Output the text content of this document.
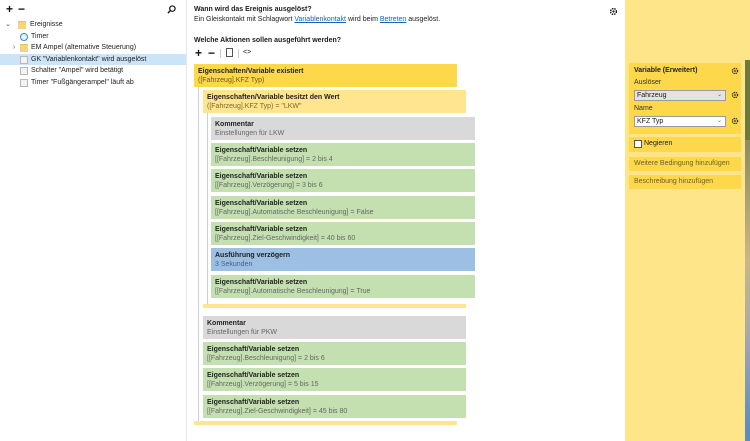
+ −
⌄	Ereignisse
Timer
›	EM Ampel (alternative Steuerung)
GK "Variablenkontakt" wird ausgelöst
Schalter "Ampel" wird betätigt
Timer "Fußgängerampel" läuft ab
Wann wird das Ereignis ausgelöst?
Ein Gleiskontakt mit Schlagwort Variablenkontakt wird beim Betreten ausgelöst.
Welche Aktionen sollen ausgeführt werden?
+ −	<>
Eigenschaften/Variable existiert
([Fahrzeug].KFZ Typ)
Eigenschaften/Variable besitzt den Wert
([Fahrzeug].KFZ Typ) = "LKW"
Kommentar
Einstellungen für LKW
Eigenschaft/Variable setzen
[[Fahrzeug].Beschleunigung] = 2 bis 4
Eigenschaft/Variable setzen
[[Fahrzeug].Verzögerung] = 3 bis 6
Eigenschaft/Variable setzen
[[Fahrzeug].Automatische Beschleunigung] = False
Eigenschaft/Variable setzen
[[Fahrzeug].Ziel-Geschwindigkeit] = 40 bis 60
Ausführung verzögern
3 Sekunden
Eigenschaft/Variable setzen
[[Fahrzeug].Automatische Beschleunigung] = True
Kommentar
Einstellungen für PKW
Eigenschaft/Variable setzen
[[Fahrzeug].Beschleunigung] = 2 bis 6
Eigenschaft/Variable setzen
[[Fahrzeug].Verzögerung] = 5 bis 15
Eigenschaft/Variable setzen
[[Fahrzeug].Ziel-Geschwindigkeit] = 45 bis 80
Variable (Erweitert)
Auslöser
Fahrzeug	⌄
Name
KFZ Typ	⌄
Negieren
Weitere Bedingung hinzufügen
Beschreibung hinzufügen
